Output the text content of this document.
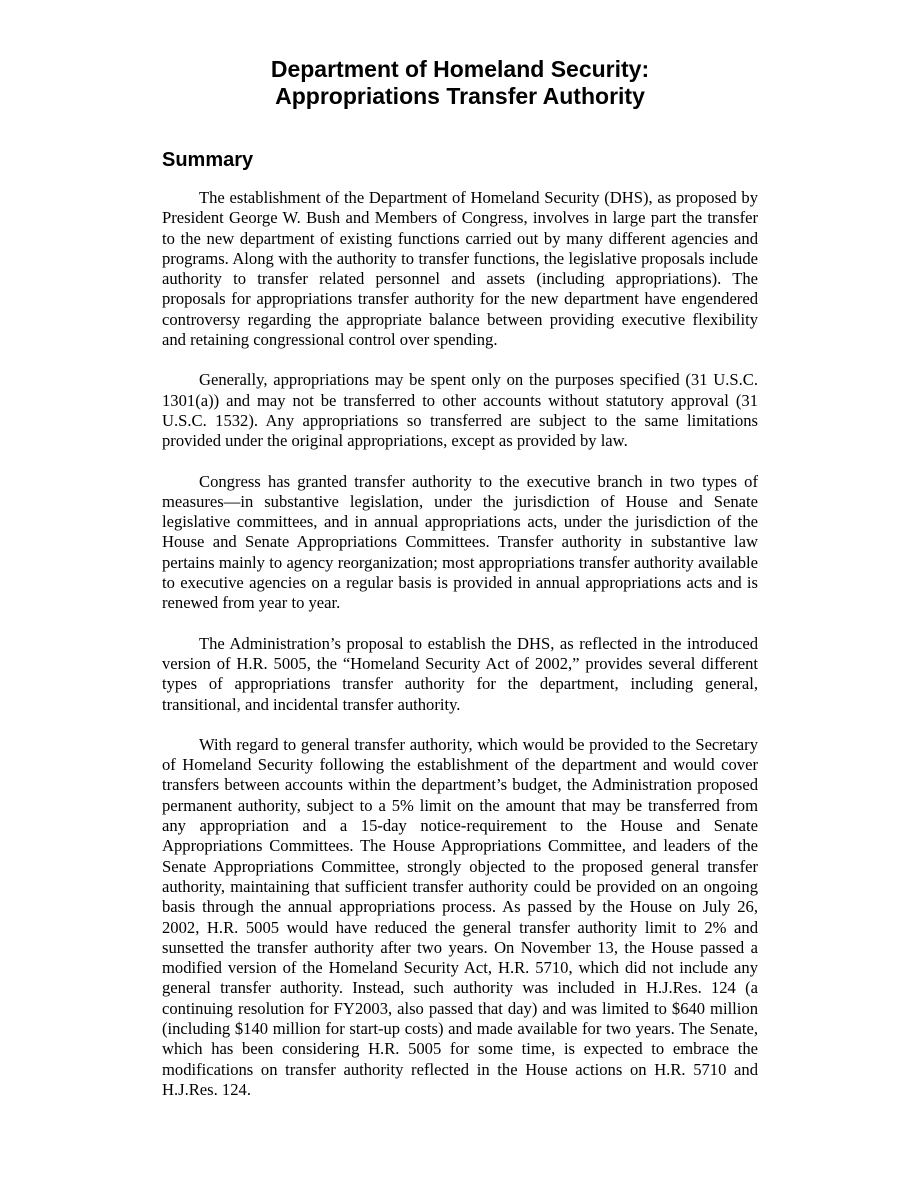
Department of Homeland Security:
Appropriations Transfer Authority
Summary

The establishment of the Department of Homeland Security (DHS), as proposed by President George W. Bush and Members of Congress, involves in large part the transfer to the new department of existing functions carried out by many different agencies and programs. Along with the authority to transfer functions, the legislative proposals include authority to transfer related personnel and assets (including appropriations). The proposals for appropriations transfer authority for the new department have engendered controversy regarding the appropriate balance between providing executive flexibility and retaining congressional control over spending.

Generally, appropriations may be spent only on the purposes specified (31 U.S.C. 1301(a)) and may not be transferred to other accounts without statutory approval (31 U.S.C. 1532). Any appropriations so transferred are subject to the same limitations provided under the original appropriations, except as provided by law.

Congress has granted transfer authority to the executive branch in two types of measures—in substantive legislation, under the jurisdiction of House and Senate legislative committees, and in annual appropriations acts, under the jurisdiction of the House and Senate Appropriations Committees. Transfer authority in substantive law pertains mainly to agency reorganization; most appropriations transfer authority available to executive agencies on a regular basis is provided in annual appropriations acts and is renewed from year to year.

The Administration’s proposal to establish the DHS, as reflected in the introduced version of H.R. 5005, the “Homeland Security Act of 2002,” provides several different types of appropriations transfer authority for the department, including general, transitional, and incidental transfer authority.

With regard to general transfer authority, which would be provided to the Secretary of Homeland Security following the establishment of the department and would cover transfers between accounts within the department’s budget, the Administration proposed permanent authority, subject to a 5% limit on the amount that may be transferred from any appropriation and a 15-day notice-requirement to the House and Senate Appropriations Committees. The House Appropriations Committee, and leaders of the Senate Appropriations Committee, strongly objected to the proposed general transfer authority, maintaining that sufficient transfer authority could be provided on an ongoing basis through the annual appropriations process. As passed by the House on July 26, 2002, H.R. 5005 would have reduced the general transfer authority limit to 2% and sunsetted the transfer authority after two years. On November 13, the House passed a modified version of the Homeland Security Act, H.R. 5710, which did not include any general transfer authority. Instead, such authority was included in H.J.Res. 124 (a continuing resolution for FY2003, also passed that day) and was limited to $640 million (including $140 million for start-up costs) and made available for two years. The Senate, which has been considering H.R. 5005 for some time, is expected to embrace the modifications on transfer authority reflected in the House actions on H.R. 5710 and H.J.Res. 124.
